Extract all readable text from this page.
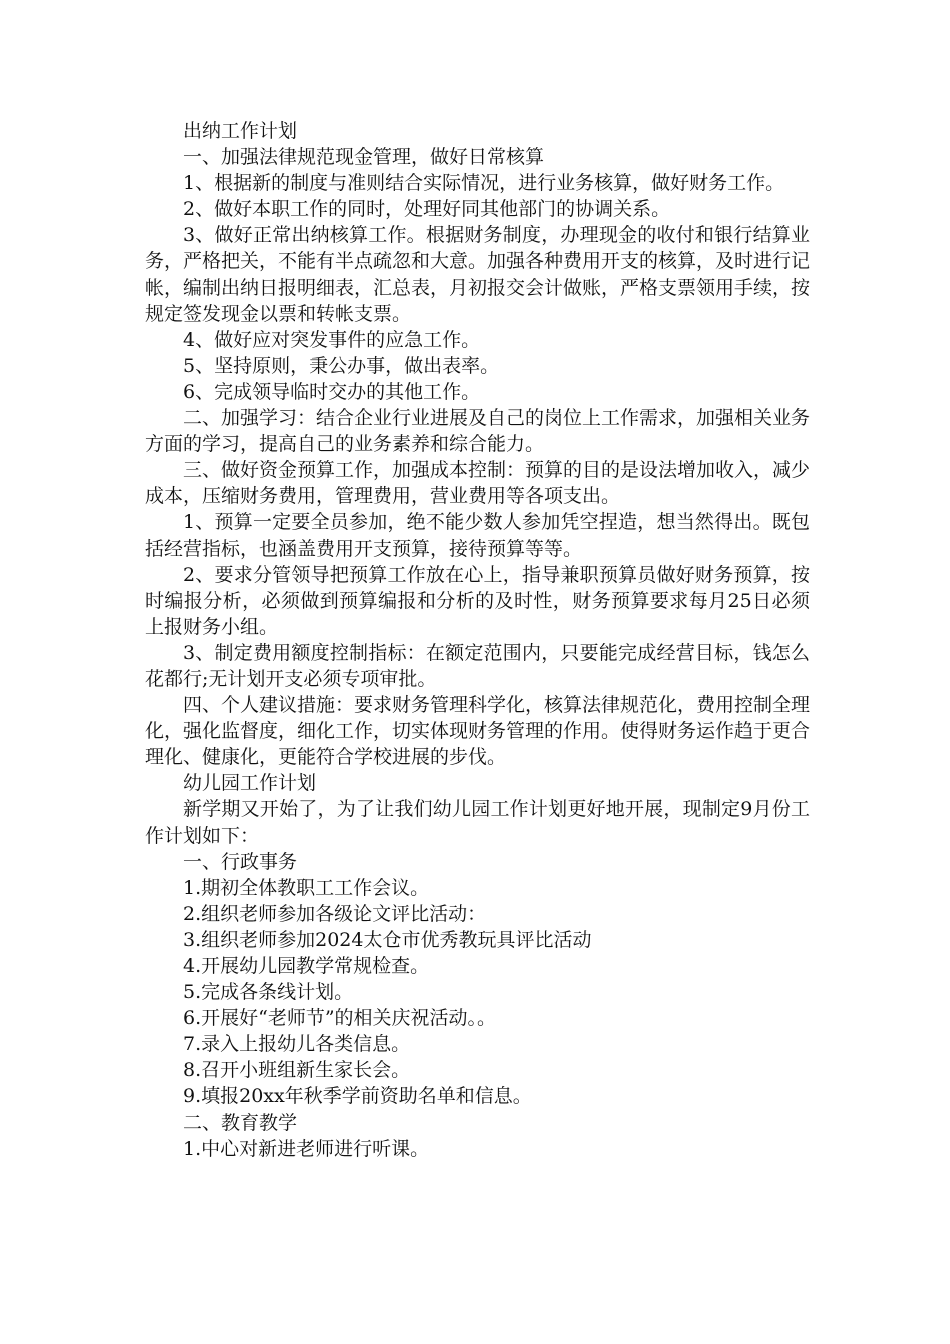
出纳工作计划

一、加强法律规范现金管理，做好日常核算

1、根据新的制度与准则结合实际情况，进行业务核算，做好财务工作。

2、做好本职工作的同时，处理好同其他部门的协调关系。

3、做好正常出纳核算工作。根据财务制度，办理现金的收付和银行结算业务，严格把关，不能有半点疏忽和大意。加强各种费用开支的核算，及时进行记帐，编制出纳日报明细表，汇总表，月初报交会计做账，严格支票领用手续，按规定签发现金以票和转帐支票。

4、做好应对突发事件的应急工作。

5、坚持原则，秉公办事，做出表率。

6、完成领导临时交办的其他工作。

二、加强学习：结合企业行业进展及自己的岗位上工作需求，加强相关业务方面的学习，提高自己的业务素养和综合能力。

三、做好资金预算工作，加强成本控制：预算的目的是设法增加收入，减少成本，压缩财务费用，管理费用，营业费用等各项支出。

1、预算一定要全员参加，绝不能少数人参加凭空捏造，想当然得出。既包括经营指标，也涵盖费用开支预算，接待预算等等。

2、要求分管领导把预算工作放在心上，指导兼职预算员做好财务预算，按时编报分析，必须做到预算编报和分析的及时性，财务预算要求每月25日必须上报财务小组。

3、制定费用额度控制指标：在额定范围内，只要能完成经营目标，钱怎么花都行;无计划开支必须专项审批。

四、个人建议措施：要求财务管理科学化，核算法律规范化，费用控制全理化，强化监督度，细化工作，切实体现财务管理的作用。使得财务运作趋于更合理化、健康化，更能符合学校进展的步伐。

幼儿园工作计划

新学期又开始了，为了让我们幼儿园工作计划更好地开展，现制定9月份工作计划如下：

一、行政事务

1.期初全体教职工工作会议。

2.组织老师参加各级论文评比活动：

3.组织老师参加2024太仓市优秀教玩具评比活动

4.开展幼儿园教学常规检查。

5.完成各条线计划。

6.开展好“老师节”的相关庆祝活动。。

7.录入上报幼儿各类信息。

8.召开小班组新生家长会。

9.填报20xx年秋季学前资助名单和信息。

二、教育教学

1.中心对新进老师进行听课。
